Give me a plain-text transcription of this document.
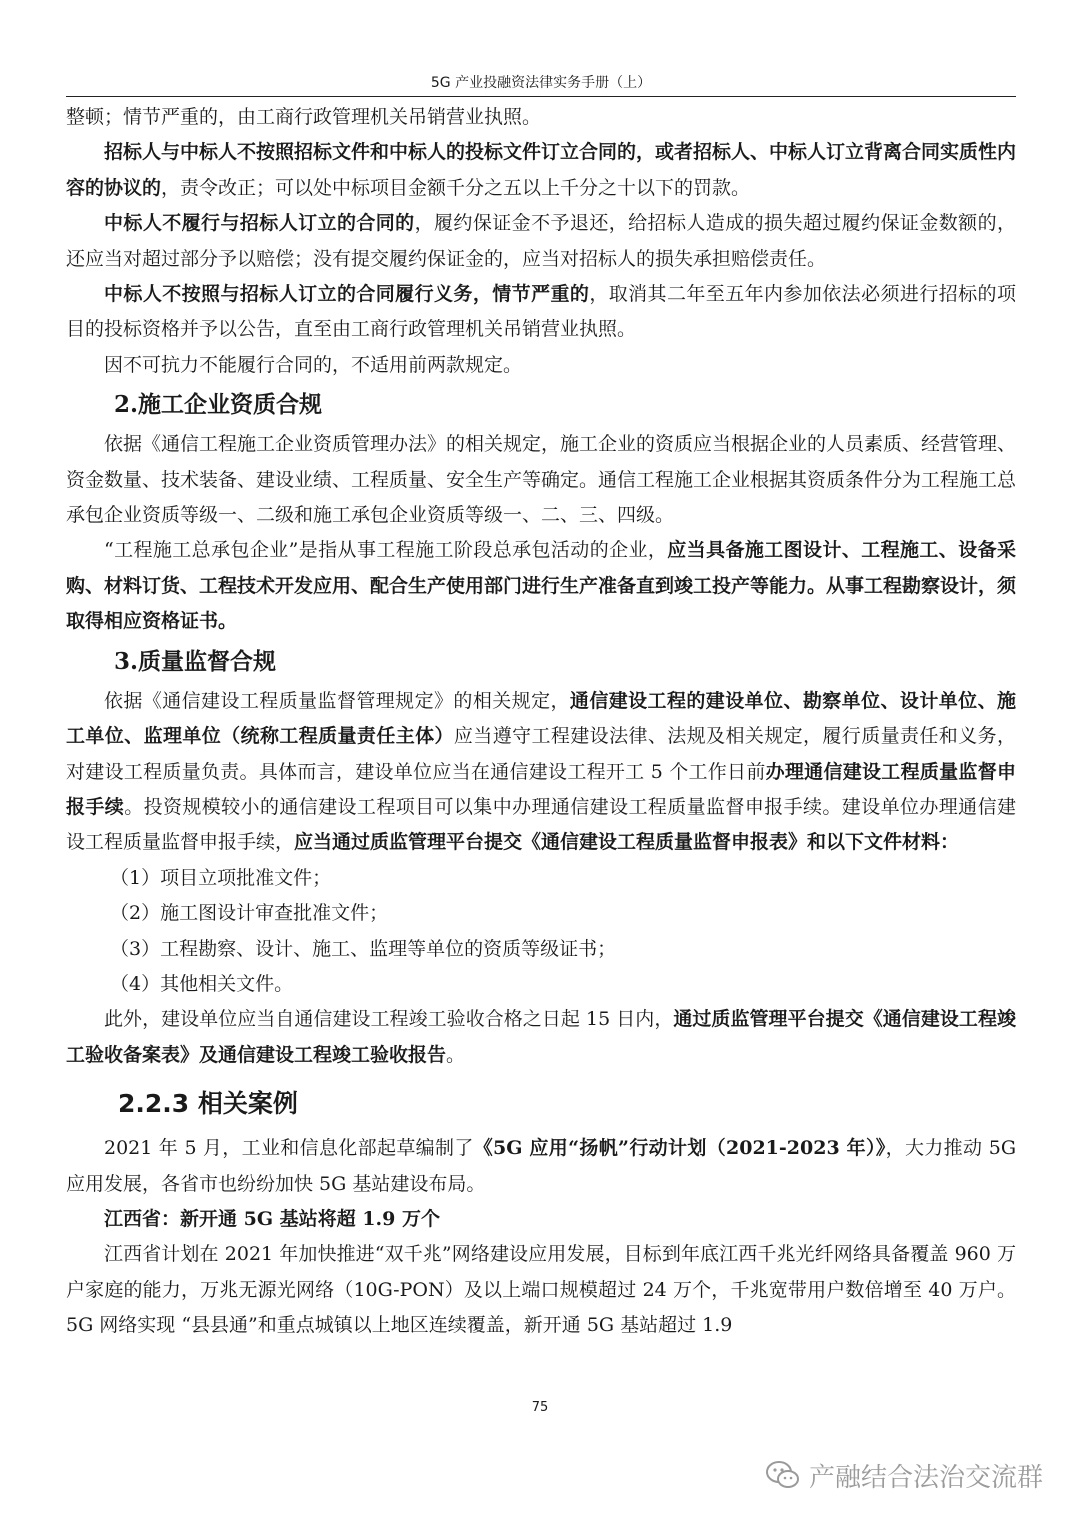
5G 产业投融资法律实务手册（上）

整顿；情节严重的，由工商行政管理机关吊销营业执照。

招标人与中标人不按照招标文件和中标人的投标文件订立合同的，或者招标人、中标人订立背离合同实质性内容的协议的，责令改正；可以处中标项目金额千分之五以上千分之十以下的罚款。

中标人不履行与招标人订立的合同的，履约保证金不予退还，给招标人造成的损失超过履约保证金数额的，还应当对超过部分予以赔偿；没有提交履约保证金的，应当对招标人的损失承担赔偿责任。

中标人不按照与招标人订立的合同履行义务，情节严重的，取消其二年至五年内参加依法必须进行招标的项目的投标资格并予以公告，直至由工商行政管理机关吊销营业执照。

因不可抗力不能履行合同的，不适用前两款规定。

2.施工企业资质合规

依据《通信工程施工企业资质管理办法》的相关规定，施工企业的资质应当根据企业的人员素质、经营管理、资金数量、技术装备、建设业绩、工程质量、安全生产等确定。通信工程施工企业根据其资质条件分为工程施工总承包企业资质等级一、二级和施工承包企业资质等级一、二、三、四级。

“工程施工总承包企业”是指从事工程施工阶段总承包活动的企业，应当具备施工图设计、工程施工、设备采购、材料订货、工程技术开发应用、配合生产使用部门进行生产准备直到竣工投产等能力。从事工程勘察设计，须取得相应资格证书。

3.质量监督合规

依据《通信建设工程质量监督管理规定》的相关规定，通信建设工程的建设单位、勘察单位、设计单位、施工单位、监理单位（统称工程质量责任主体）应当遵守工程建设法律、法规及相关规定，履行质量责任和义务，对建设工程质量负责。具体而言，建设单位应当在通信建设工程开工 5 个工作日前办理通信建设工程质量监督申报手续。投资规模较小的通信建设工程项目可以集中办理通信建设工程质量监督申报手续。建设单位办理通信建设工程质量监督申报手续，应当通过质监管理平台提交《通信建设工程质量监督申报表》和以下文件材料：

（1）项目立项批准文件；
（2）施工图设计审查批准文件；
（3）工程勘察、设计、施工、监理等单位的资质等级证书；
（4）其他相关文件。

此外，建设单位应当自通信建设工程竣工验收合格之日起 15 日内，通过质监管理平台提交《通信建设工程竣工验收备案表》及通信建设工程竣工验收报告。

2.2.3 相关案例

2021 年 5 月，工业和信息化部起草编制了《5G 应用“扬帆”行动计划（2021-2023 年）》，大力推动 5G 应用发展，各省市也纷纷加快 5G 基站建设布局。

江西省：新开通 5G 基站将超 1.9 万个

江西省计划在 2021 年加快推进“双千兆”网络建设应用发展，目标到年底江西千兆光纤网络具备覆盖 960 万户家庭的能力，万兆无源光网络（10G-PON）及以上端口规模超过 24 万个，千兆宽带用户数倍增至 40 万户。5G 网络实现 “县县通”和重点城镇以上地区连续覆盖，新开通 5G 基站超过 1.9

75
产融结合法治交流群
